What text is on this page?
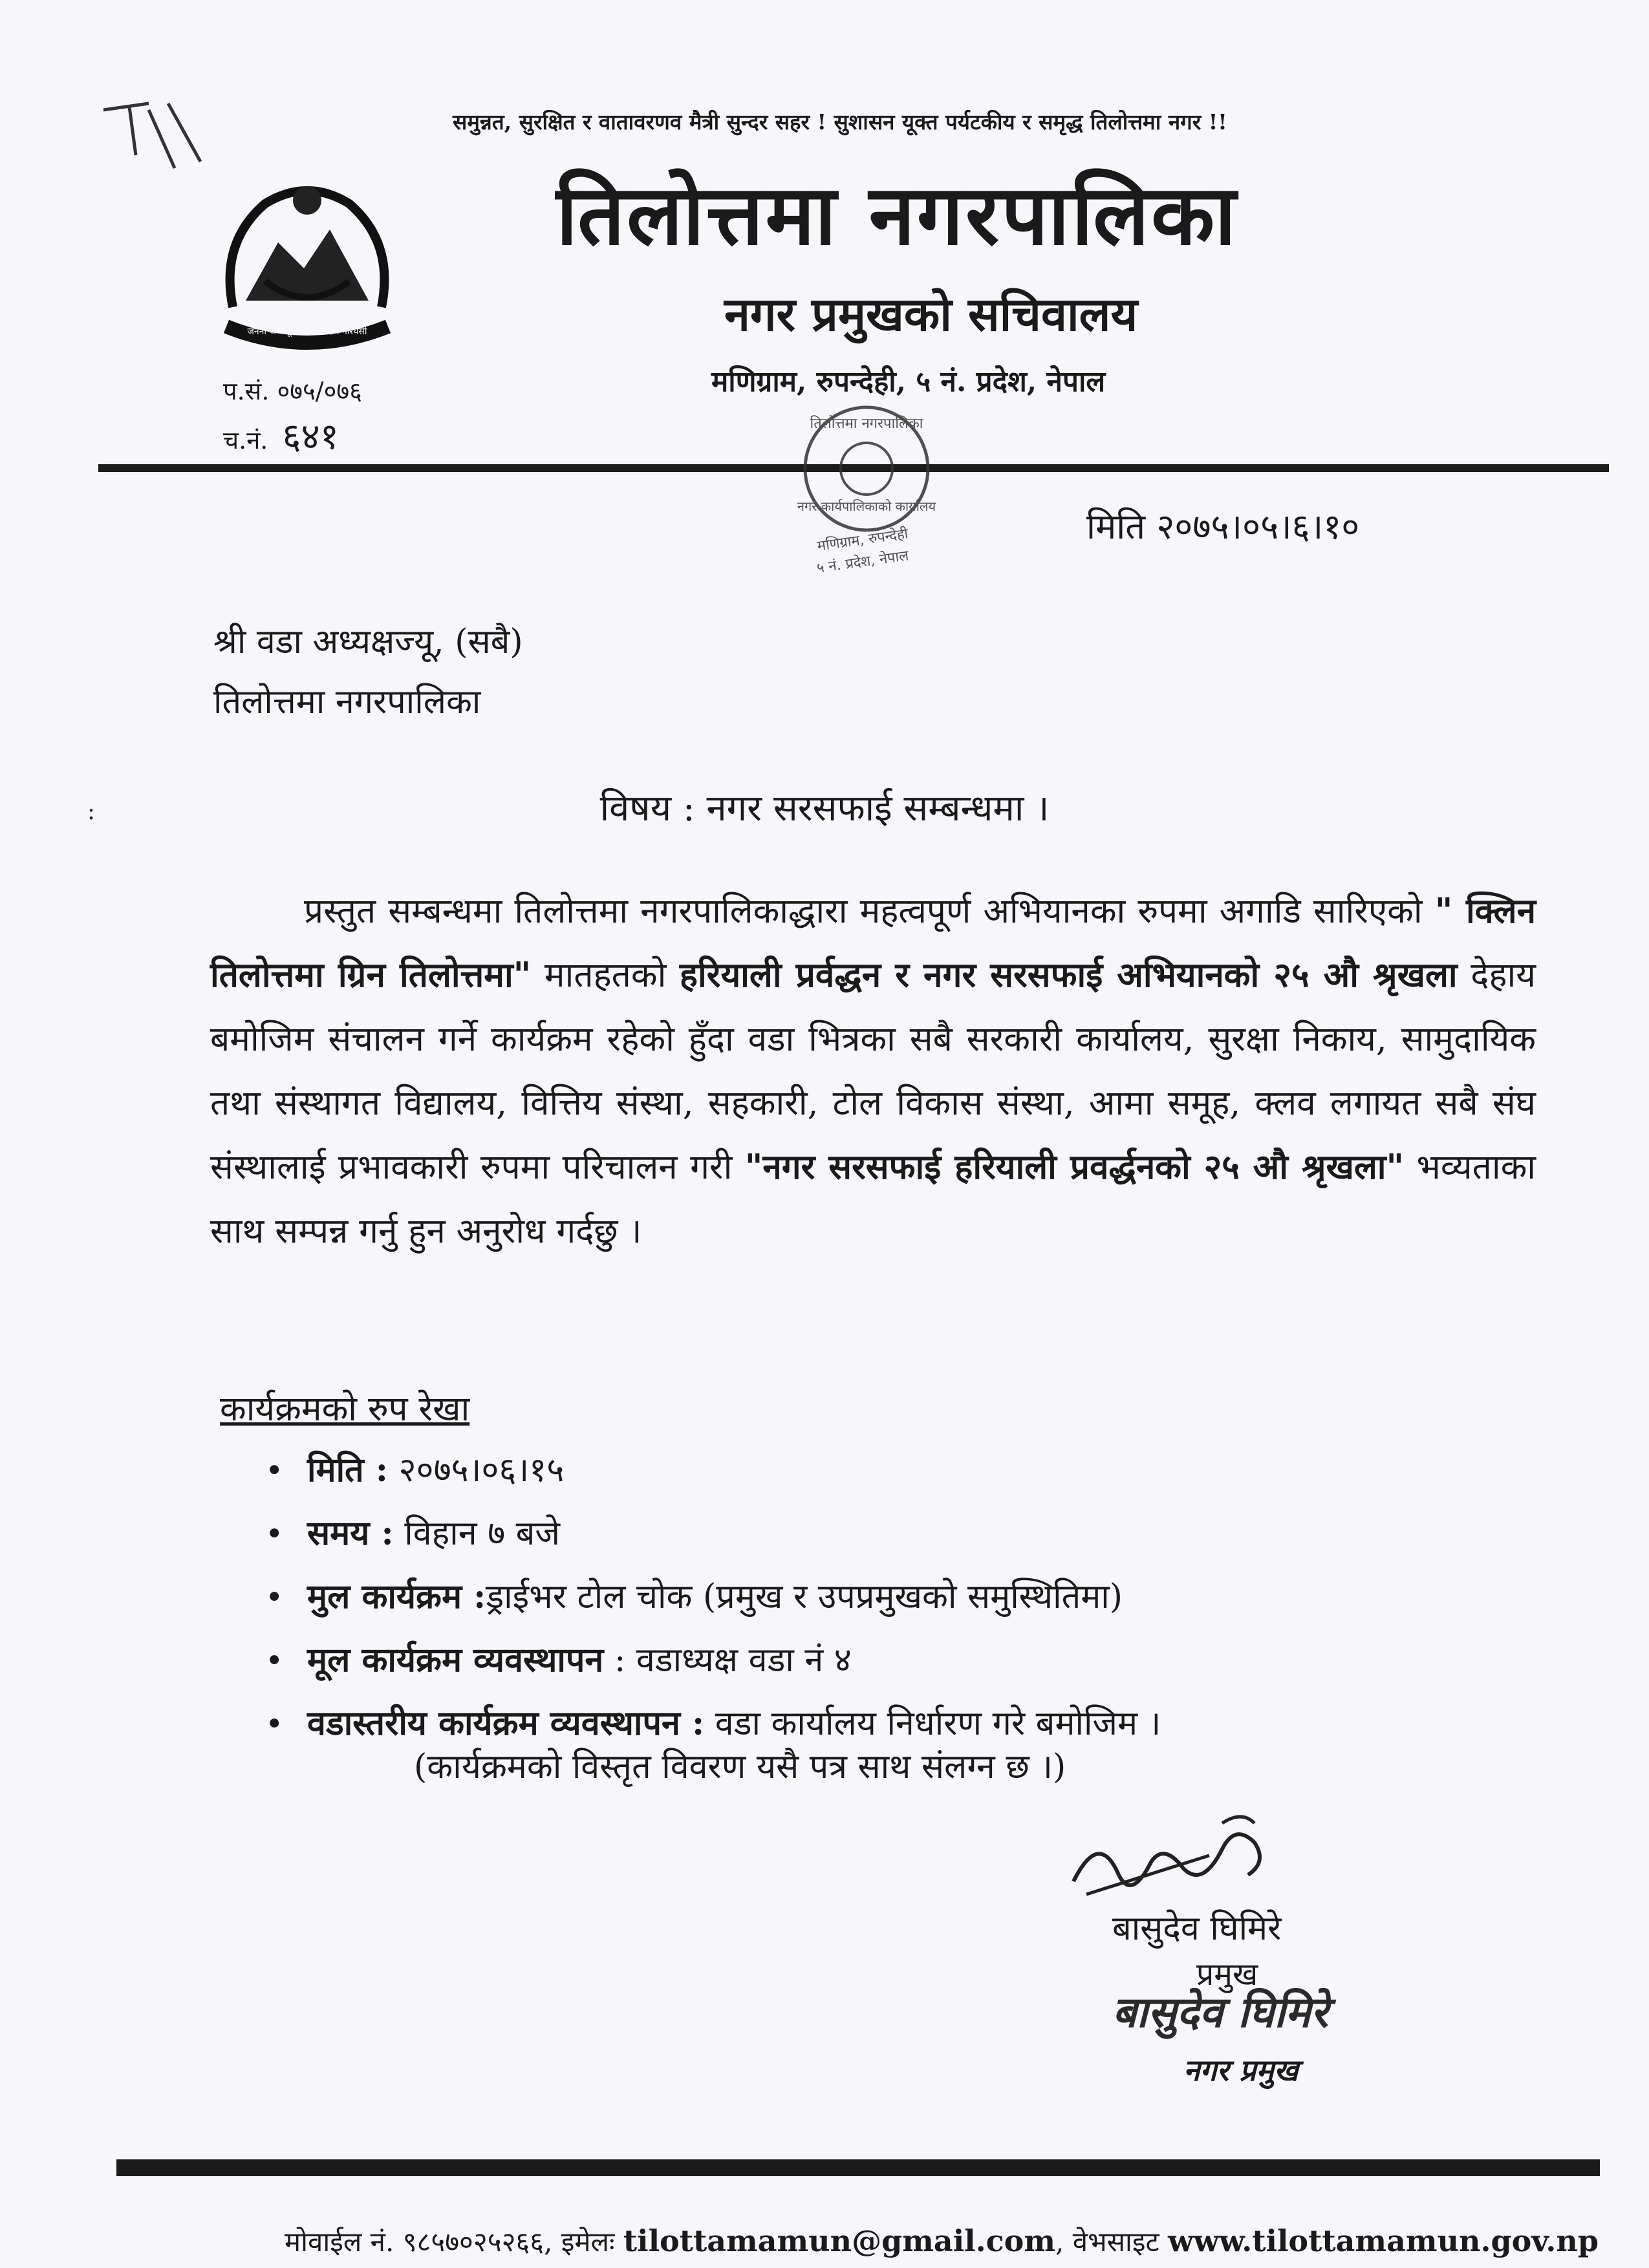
जननी जन्मभूमिश्च स्वर्गादपि गरियसी
समुन्नत, सुरक्षित र वातावरणव मैत्री सुन्दर सहर ! सुशासन यूक्त पर्यटकीय र समृद्ध तिलोत्तमा नगर !!
तिलोत्तमा नगरपालिका
नगर प्रमुखको सचिवालय
मणिग्राम, रुपन्देही, ५ नं. प्रदेश, नेपाल
प.सं. ०७५/०७६
च.नं. ६४१	तिलोत्तमा नगरपालिका
नगर कार्यपालिकाको कार्यालय
मणिग्राम, रुपन्देही
५ नं. प्रदेश, नेपाल
मिति २०७५।०५।६।१०
श्री वडा अध्यक्षज्यू, (सबै)
तिलोत्तमा नगरपालिका
:	विषय : नगर सरसफाई सम्बन्धमा ।
प्रस्तुत सम्बन्धमा तिलोत्तमा नगरपालिकाद्धारा महत्वपूर्ण अभियानका रुपमा अगाडि सारिएको " क्लिन तिलोत्तमा ग्रिन तिलोत्तमा" मातहतको हरियाली प्रर्वद्धन र नगर सरसफाई अभियानको २५ औ श्रृखला देहाय बमोजिम संचालन गर्ने कार्यक्रम रहेको हुँदा वडा भित्रका सबै सरकारी कार्यालय, सुरक्षा निकाय, सामुदायिक तथा संस्थागत विद्यालय, वित्तिय संस्था, सहकारी, टोल विकास संस्था, आमा समूह, क्लव लगायत सबै संघ संस्थालाई प्रभावकारी रुपमा परिचालन गरी "नगर सरसफाई हरियाली प्रवर्द्धनको २५ औ श्रृखला" भव्यताका साथ सम्पन्न गर्नु हुन अनुरोध गर्दछु ।
कार्यक्रमको रुप रेखा
• मिति : २०७५।०६।१५
• समय : विहान ७ बजे
• मुल कार्यक्रम :ड्राईभर टोल चोक (प्रमुख र उपप्रमुखको समुस्थितिमा)
• मूल कार्यक्रम व्यवस्थापन : वडाध्यक्ष वडा नं ४
• वडास्तरीय कार्यक्रम व्यवस्थापन : वडा कार्यालय निर्धारण गरे बमोजिम ।
(कार्यक्रमको विस्तृत विवरण यसै पत्र साथ संलग्न छ ।)
बासुदेव घिमिरे
प्रमुख
बासुदेव घिमिरे
नगर प्रमुख
मोवाईल नं. ९८५७०२५२६६, इमेलः tilottamamun@gmail.com, वेभसाइट www.tilottamamun.gov.np
